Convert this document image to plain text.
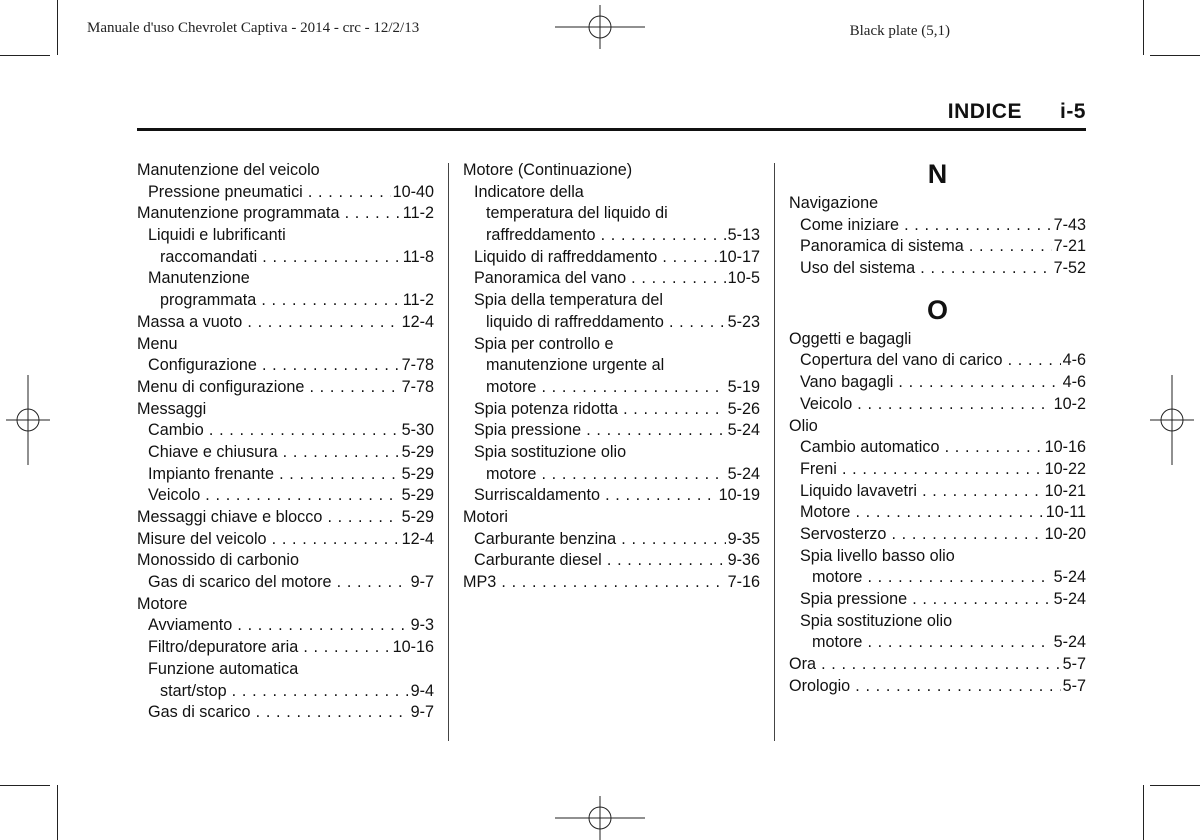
Manuale d'uso Chevrolet Captiva - 2014 - crc - 12/2/13	Black plate (5,1)
INDICE i-5
Manutenzione del veicolo
Pressione pneumatici . . .	10-40
Manutenzione programmata . . .	11-2
Liquidi e lubrificanti
raccomandati . . .	11-8
Manutenzione
programmata . . .	11-2
Massa a vuoto . . .	12-4
Menu
Configurazione . . .	7-78
Menu di configurazione . . .	7-78
Messaggi
Cambio . . .	5-30
Chiave e chiusura . . .	5-29
Impianto frenante . . .	5-29
Veicolo . . .	5-29
Messaggi chiave e blocco . . .	5-29
Misure del veicolo . . .	12-4
Monossido di carbonio
Gas di scarico del motore . . .	9-7
Motore
Avviamento . . .	9-3
Filtro/depuratore aria . . .	10-16
Funzione automatica
start/stop . . .	9-4
Gas di scarico . . .	9-7
Motore (Continuazione)
Indicatore della
temperatura del liquido di
raffreddamento . . .	5-13
Liquido di raffreddamento . . .	10-17
Panoramica del vano . . .	10-5
Spia della temperatura del
liquido di raffreddamento . . .	5-23
Spia per controllo e
manutenzione urgente al
motore . . .	5-19
Spia potenza ridotta . . .	5-26
Spia pressione . . .	5-24
Spia sostituzione olio
motore . . .	5-24
Surriscaldamento . . .	10-19
Motori
Carburante benzina . . .	9-35
Carburante diesel . . .	9-36
MP3 . . .	7-16
N
Navigazione
Come iniziare . . .	7-43
Panoramica di sistema . . .	7-21
Uso del sistema . . .	7-52
O
Oggetti e bagagli
Copertura del vano di carico . . .	4-6
Vano bagagli . . .	4-6
Veicolo . . .	10-2
Olio
Cambio automatico . . .	10-16
Freni . . .	10-22
Liquido lavavetri . . .	10-21
Motore . . .	10-11
Servosterzo . . .	10-20
Spia livello basso olio
motore . . .	5-24
Spia pressione . . .	5-24
Spia sostituzione olio
motore . . .	5-24
Ora . . .	5-7
Orologio . . .	5-7
